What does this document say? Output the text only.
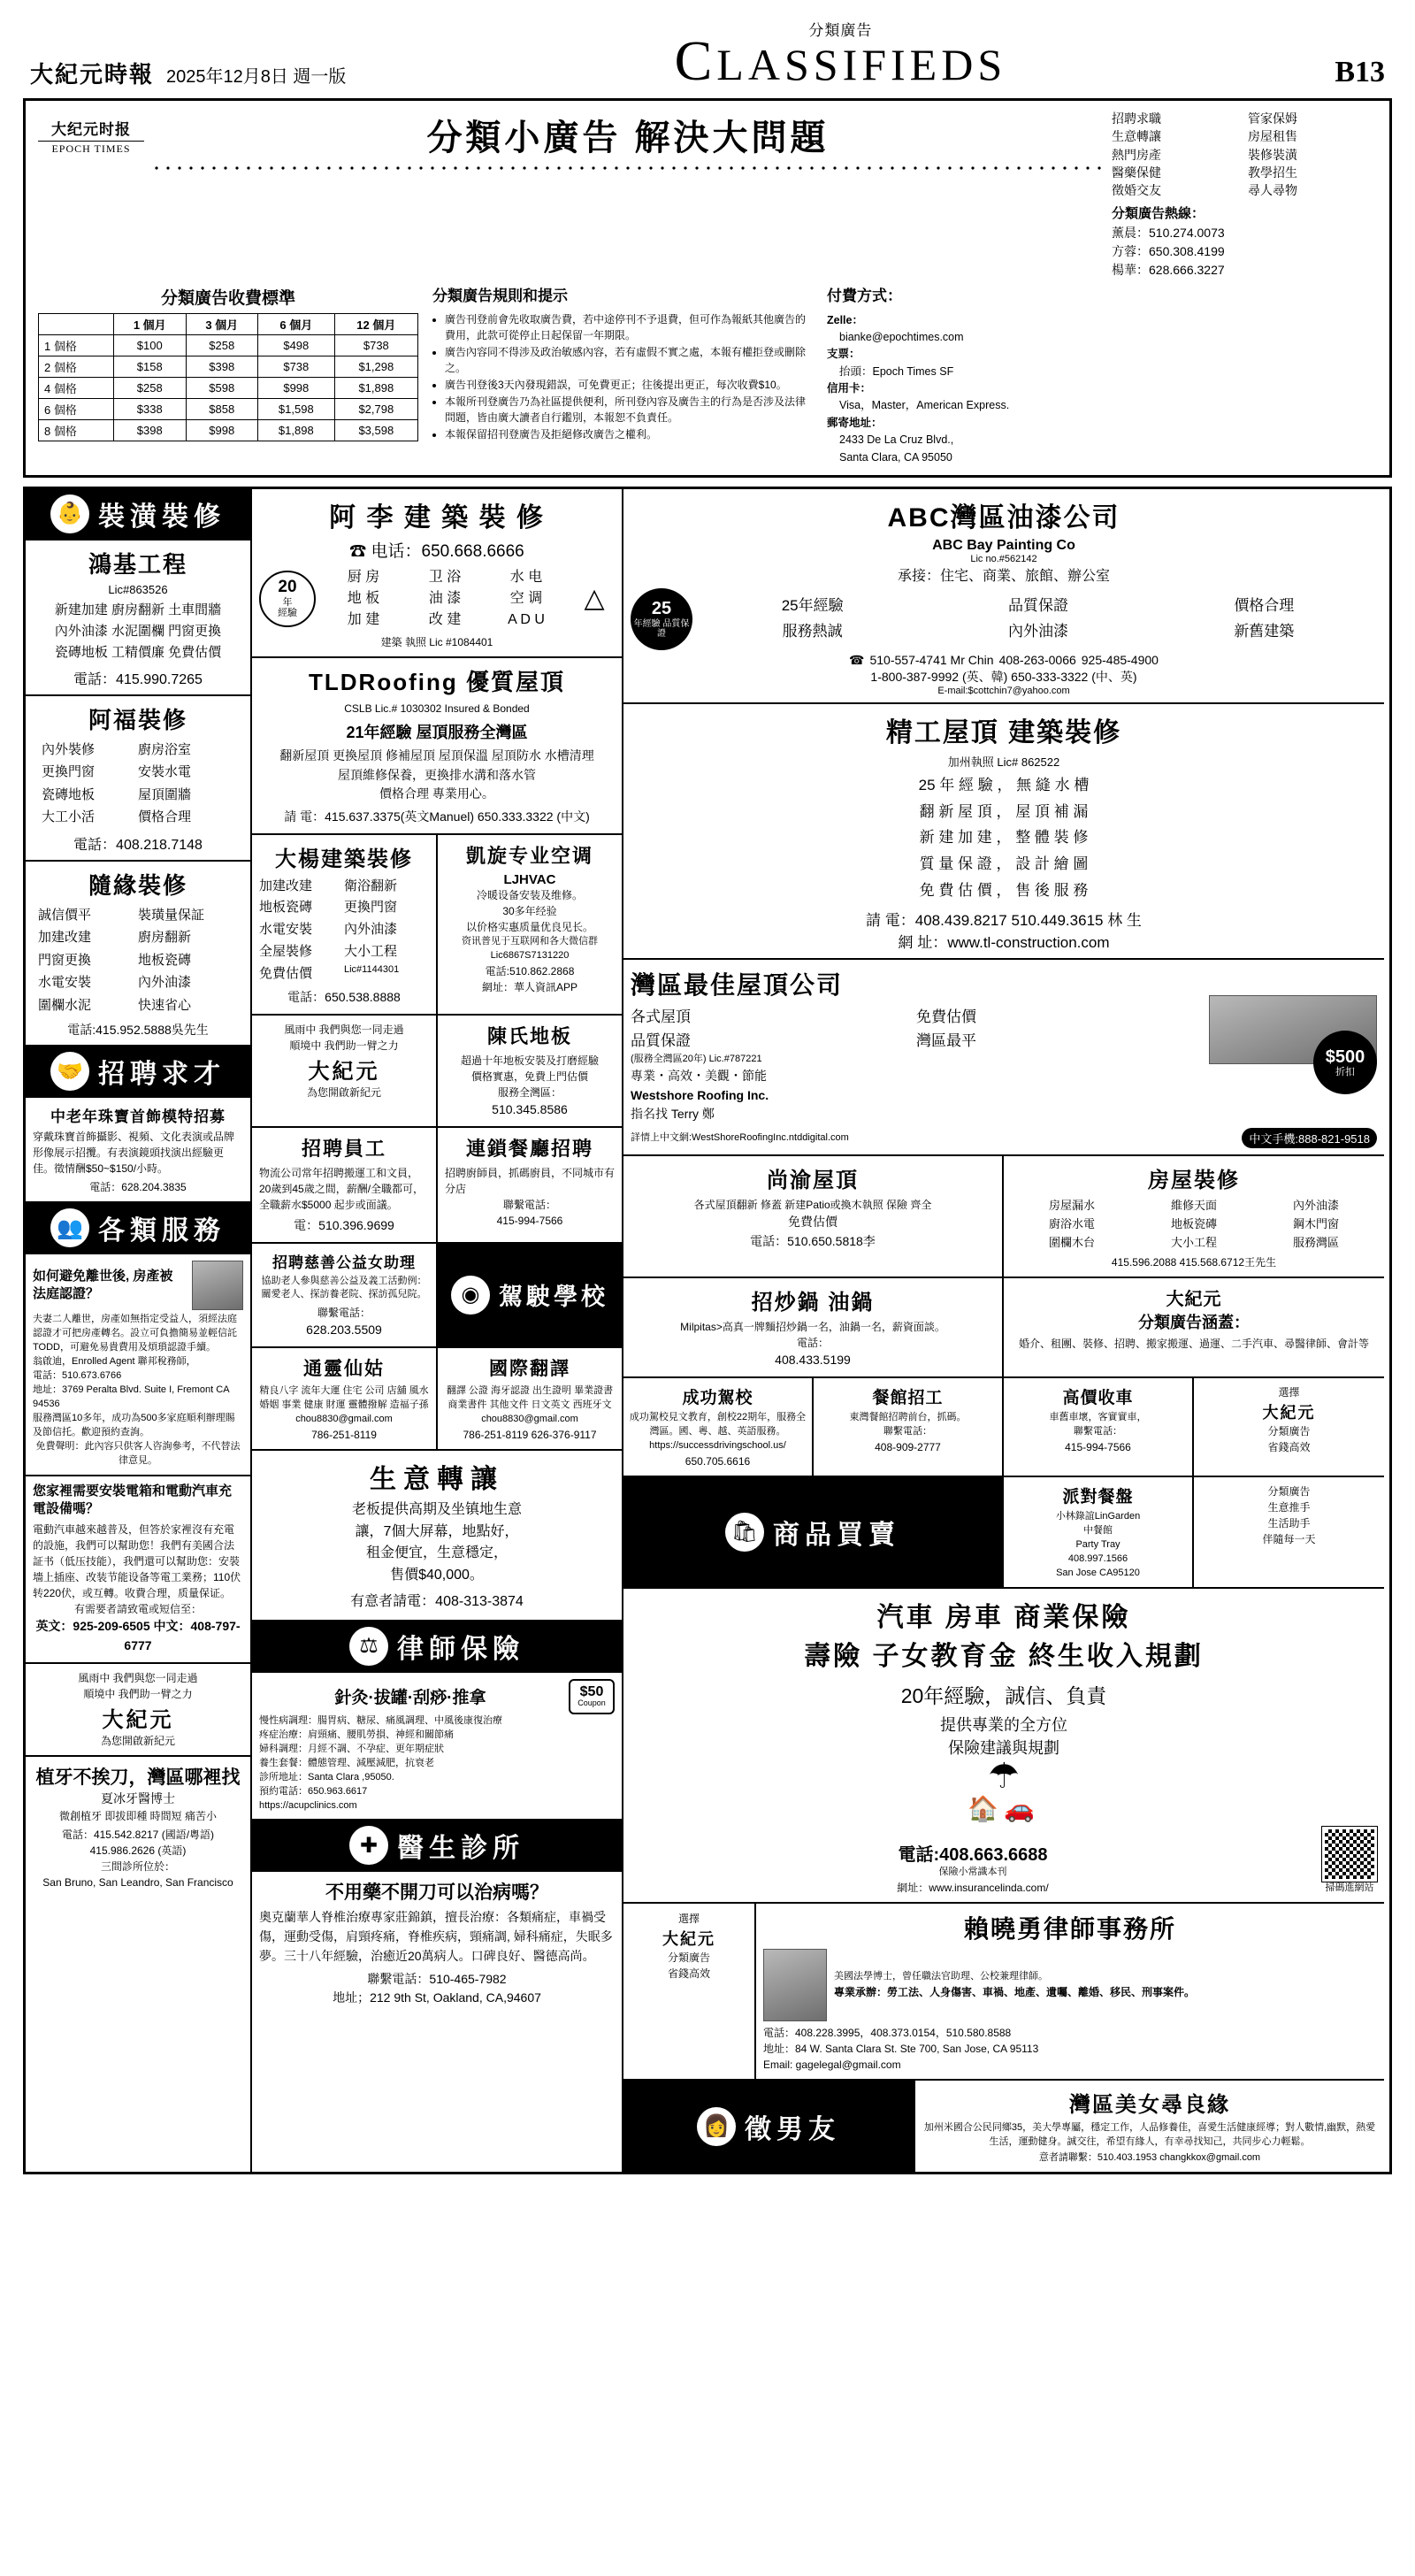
大紀元時報 2025年12月8日 週一版
分類廣告
CLASSIFIEDS	B13
大纪元时报
EPOCH TIMES	分類小廣告 解決大問題	招聘求職	管家保姆
生意轉讓	房屋租售
熱門房產	裝修裝潢
醫藥保健	教學招生
徵婚交友	尋人尋物
分類廣告熱線：
薰晨：510.274.0073
方蓉：650.308.4199
楊華：628.666.3227
分類廣告收費標準
	1 個月	3 個月	6 個月	12 個月
1 個格	$100	$258	$498	$738
2 個格	$158	$398	$738	$1,298
4 個格	$258	$598	$998	$1,898
6 個格	$338	$858	$1,598	$2,798
8 個格	$398	$998	$1,898	$3,598
分類廣告規則和提示
• 廣告刊登前會先收取廣告費，若中途停刊不予退費，但可作為報紙其他廣告的費用，此款可從停止日起保留一年期限。
• 廣告內容同不得涉及政治敏感內容，若有虛假不實之處，本報有權拒登或刪除之。
• 廣告刊登後3天內發現錯誤，可免費更正；往後提出更正，每次收費$10。
• 本報所刊登廣告乃為社區提供便利，所刊登內容及廣告主的行為是否涉及法律問題，皆由廣大讀者自行鑑別，本報恕不負責任。
• 本報保留招刊登廣告及拒絕修改廣告之權利。
付費方式：
Zelle：
bianke@epochtimes.com
支票：
抬頭：Epoch Times SF
信用卡：
Visa，Master，American Express.
郵寄地址：
2433 De La Cruz Blvd.,
Santa Clara, CA 95050
👶 裝潢裝修
鴻基工程
Lic#863526
新建加建 廚房翻新 土車間牆
內外油漆 水泥圍欄 門窗更換
瓷磚地板 工精價廉 免費估價
電話：415.990.7265
阿福裝修
內外裝修	廚房浴室
更換門窗	安裝水電
瓷磚地板	屋頂圍牆
大工小活	價格合理
電話：408.218.7148
隨緣裝修
誠信價平	裝璜量保証
加建改建	廚房翻新
門窗更換	地板瓷磚
水電安裝	內外油漆
圍欄水泥	快速省心
電話:415.952.5888吳先生
🤝 招聘求才
中老年珠寶首飾模特招募
穿戴珠寶首飾攝影、視頻、文化表演或品牌形像展示招攬。有表演鏡頭找演出經驗更佳。徵情酬$50~$150/小時。
電話：628.204.3835
👥 各類服務
如何避免離世後, 房產被法庭認證？
夫妻二人離世，房產如無指定受益人，須經法庭認證才可把房產轉名。設立可負擔簡易並輕信託TODD，可避免易貴費用及煩瑣認證手續。
翁啟迪，Enrolled Agent 聯邦稅務師，
電話：510.673.6766
地址：3769 Peralta Blvd. Suite I, Fremont CA 94536
服務灣區10多年，成功為500多家庭順利辦理賜及節信托。歡迎預約查詢。
免費聲明：此內容只供客人咨詢參考，不代替法律意見。
您家裡需要安裝電箱和電動汽車充電設備嗎？
電動汽車越來越普及，但答於家裡沒有充電的設施，我們可以幫助您！我們有美國合法証书（低压技能），我們還可以幫助您：安裝墻上插座、改装节能设备等電工業務；110伏转220伏，或互轉。收費合理，质量保证。
有需要者請致電或短信至：
英文：925-209-6505 中文：408-797-6777
風雨中 我們與您一同走過
順境中 我們助一臂之力
大紀元
為您開啟新紀元
植牙不挨刀，灣區哪裡找
夏冰牙醫博士
微創植牙 即拔即種 時間短 痛苦小
電話：415.542.8217 (國語/粵語)
415.986.2626 (英語)
三間診所位於：
San Bruno, San Leandro, San Francisco
阿 李 建 築 裝 修
☎ 电话：650.668.6666
20
年
經驗
厨 房	卫 浴	水 电
地 板	油 漆	空 调
加 建	改 建	A D U
△
建築 執照 Lic #1084401
TLDRoofing 優質屋頂
CSLB Lic.# 1030302 Insured & Bonded
21年經驗 屋頂服務全灣區
翻新屋頂 更換屋頂 修補屋頂 屋頂保溫 屋頂防水 水槽清理
屋頂維修保養，更換排水溝和落水管
價格合理 專業用心。
請 電：415.637.3375(英文Manuel) 650.333.3322 (中文)
大楊建築裝修
加建改建	衛浴翻新
地板瓷磚	更換門窗
水電安裝	內外油漆
全屋裝修	大小工程
免費估價	Lic#1144301
電話：650.538.8888
凱旋专业空调
LJHVAC
冷暖设备安装及维修。
30多年经验
以价格实惠质量优良见长。
资讯普见于互联网和各大微信群
Lic6867S7131220
電話:510.862.2868
網址：華人資訊APP
風雨中 我們與您一同走過
順境中 我們助一臂之力
大紀元
為您開啟新紀元
陳氏地板
超過十年地板安裝及打磨經驗
價格實惠，免費上門估價
服務全灣區：
510.345.8586
招聘員工
物流公司常年招聘搬運工和文員，20歲到45歲之間，薪酬/全職都可，全職薪水$5000 起步或面議。
電：510.396.9699
連鎖餐廳招聘
招聘廚師員，抓碼廚員，不同城市有分店
聯繫電話：
415-994-7566
招聘慈善公益女助理
協助老人參與慈善公益及義工活動例：關愛老人、探訪養老院、探訪孤兒院。
聯繫電話：
628.203.5509
◉ 駕駛學校
通靈仙姑
精良八字 流年大運 住宅 公司 店舖 風水 婚姻 事業 健康 財運 靈體撥解 造福子孫
chou8830@gmail.com
786-251-8119
國際翻譯
翻譯 公證 海牙認證 出生證明 畢業證書商業書件 其他文件 日文英文 西班牙文
chou8830@gmail.com
786-251-8119 626-376-9117
生意轉讓
老板提供高期及坐镇地生意
讓，7個大屏幕，地點好，
租金便宜，生意穩定，
售價$40,000。
有意者請電：408-313-3874
⚖ 律師保險
針灸·拔罐·刮痧·推拿	$50
Coupon
慢性病調理：腸胃病、糖尿、痛風調理、中風後康復治療
疼症治療：肩頸痛、腰肌勞損、神經和關節痛
婦科調理：月經不調、不孕症、更年期症狀
養生套餐：體態管理、減壓減肥，抗衰老
診所地址：Santa Clara ,95050.
預約電話：650.963.6617
https://acupclinics.com
✚ 醫生診所
不用藥不開刀可以治病嗎？
奧克蘭華人脊椎治療專家莊錦鎮，擅長治療：各類痛症，車禍受傷，運動受傷，肩頸疼痛，脊椎疾病，頸痛調, 婦科痛症，失眠多夢。三十八年經驗，治癒近20萬病人。口碑良好、醫德高尚。
聯繫電話：510-465-7982
地址；212 9th St, Oakland, CA,94607
ABC灣區油漆公司
ABC Bay Painting Co
Lic no.#562142
承接：住宅、商業、旅館、辦公室
25
年經驗 品質保證
25年經驗	品質保證	價格合理
服務熱誠	內外油漆	新舊建築
☎ 510-557-4741 Mr Chin 408-263-0066 925-485-4900
1-800-387-9992 (英、韓) 650-333-3322 (中、英)
E-mail:$cottchin7@yahoo.com
精工屋頂 建築裝修
加州執照 Lic# 862522
25 年 經 驗 ， 無 縫 水 槽
翻 新 屋 頂 ， 屋 頂 補 漏
新 建 加 建 ， 整 體 裝 修
質 量 保 證 ， 設 計 繪 圖
免 費 估 價 ， 售 後 服 務
請 電：408.439.8217 510.449.3615 林 生
網 址：www.tl-construction.com
灣區最佳屋頂公司
各式屋頂	免費估價
品質保證	灣區最平
(服務全灣區20年) Lic.#787221
專業・高效・美觀・節能
Westshore Roofing Inc.
指名找 Terry 鄭
$500
折扣
詳情上中文網:WestShoreRoofingInc.ntddigital.com	中文手機:888-821-9518
尚渝屋頂
各式屋頂翻新 修蓋 新建Patio或換木執照 保險 齊全
免費估價
電話：510.650.5818李
房屋裝修
房屋漏水	維修天面	內外油漆
廚浴水電	地板瓷磚	鋼木門窗
圍欄木台	大小工程	服務灣區
415.596.2088 415.568.6712王先生
招炒鍋 油鍋
Milpitas>高真一牌麵招炒鍋一名，油鍋一名，薪資面談。
電話：
408.433.5199
大紀元
分類廣告涵蓋：
婚介、租團、裝修、招聘、搬家搬運、過運、二手汽車、尋醫律師、會計等
成功駕校
成功駕校見文教育，創校22期年，服務全灣區。國、粵、越、英語服務。
https://successdrivingschool.us/
650.705.6616
餐館招工
東灣餐館招聘前台，抓碼。
聯繫電話：
408-909-2777
高價收車
車舊車壞，客實實車，
聯繫電話：
415-994-7566
選擇
大紀元
分類廣告
省錢高效
🛍 商品買賣
派對餐盤
小林錄誼LinGarden
中餐館
Party Tray
408.997.1566
San Jose CA95120
分類廣告
生意推手
生活助手
伴隨每一天
汽車 房車 商業保險
壽險 子女教育金 終生收入規劃
20年經驗，誠信、負責
提供專業的全方位
保險建議與規劃
☂
🏠🚗
電話:408.663.6688
保險小常識本刊
網址：www.insurancelinda.com/	掃碼進網站
選擇
大紀元
分類廣告
省錢高效
賴曉勇律師事務所
美國法學博士，曾任職法官助理、公校兼理律師。
專業承辦：勞工法、人身傷害、車禍、地產、遺囑、離婚、移民、刑事案件。
電話：408.228.3995，408.373.0154，510.580.8588
地址：84 W. Santa Clara St. Ste 700, San Jose, CA 95113
Email: gagelegal@gmail.com
👩 徵男友
灣區美女尋良緣
加州米國合公民同鄉35，美大學專屬，穩定工作，人品修養佳，喜愛生活健康經導；對人數情,幽默，熱愛生活，運動健身。誠交往，希望有緣人，有幸尋找知己，共同步心力輕鬆。
意者請聯繫：510.403.1953 changkkox@gmail.com
